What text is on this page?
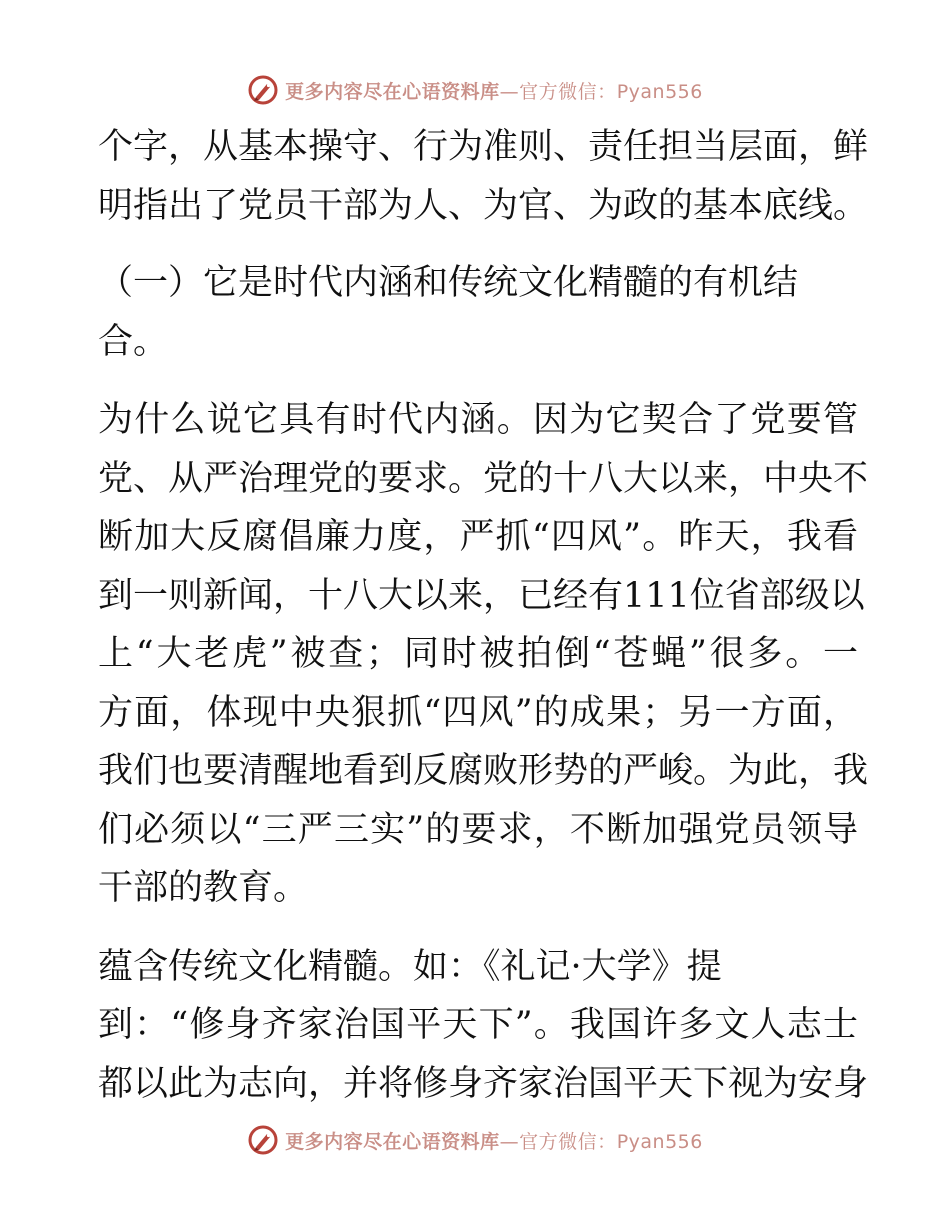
更多内容尽在心语资料库—官方微信：Pyan556

个字，从基本操守、行为准则、责任担当层面，鲜
明指出了党员干部为人、为官、为政的基本底线。

（一）它是时代内涵和传统文化精髓的有机结
合。

为什么说它具有时代内涵。因为它契合了党要管
党、从严治理党的要求。党的十八大以来，中央不
断加大反腐倡廉力度，严抓“四风”。昨天，我看
到一则新闻，十八大以来，已经有111位省部级以
上“大老虎”被查；同时被拍倒“苍蝇”很多。一
方面，体现中央狠抓“四风”的成果；另一方面，
我们也要清醒地看到反腐败形势的严峻。为此，我
们必须以“三严三实”的要求，不断加强党员领导
干部的教育。

蕴含传统文化精髓。如：《礼记·大学》提
到：“修身齐家治国平天下”。我国许多文人志士
都以此为志向，并将修身齐家治国平天下视为安身

更多内容尽在心语资料库—官方微信：Pyan556
